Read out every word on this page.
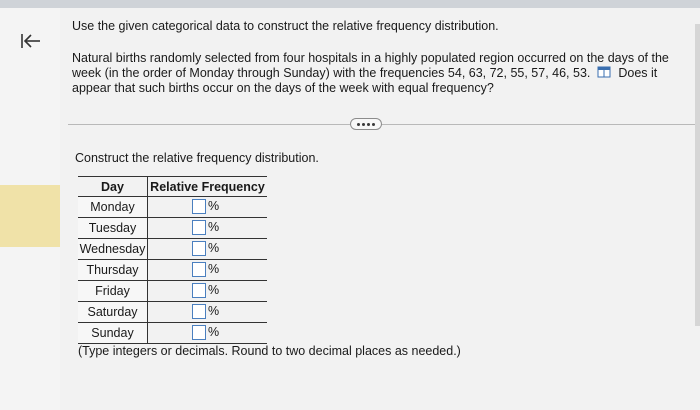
Use the given categorical data to construct the relative frequency distribution.
Natural births randomly selected from four hospitals in a highly populated region occurred on the days of the week (in the order of Monday through Sunday) with the frequencies 54, 63, 72, 55, 57, 46, 53. Does it appear that such births occur on the days of the week with equal frequency?
Construct the relative frequency distribution.
Day	Relative Frequency
Monday	%

Tuesday	%

Wednesday	%

Thursday	%

Friday	%

Saturday	%

Sunday	%
(Type integers or decimals. Round to two decimal places as needed.)
